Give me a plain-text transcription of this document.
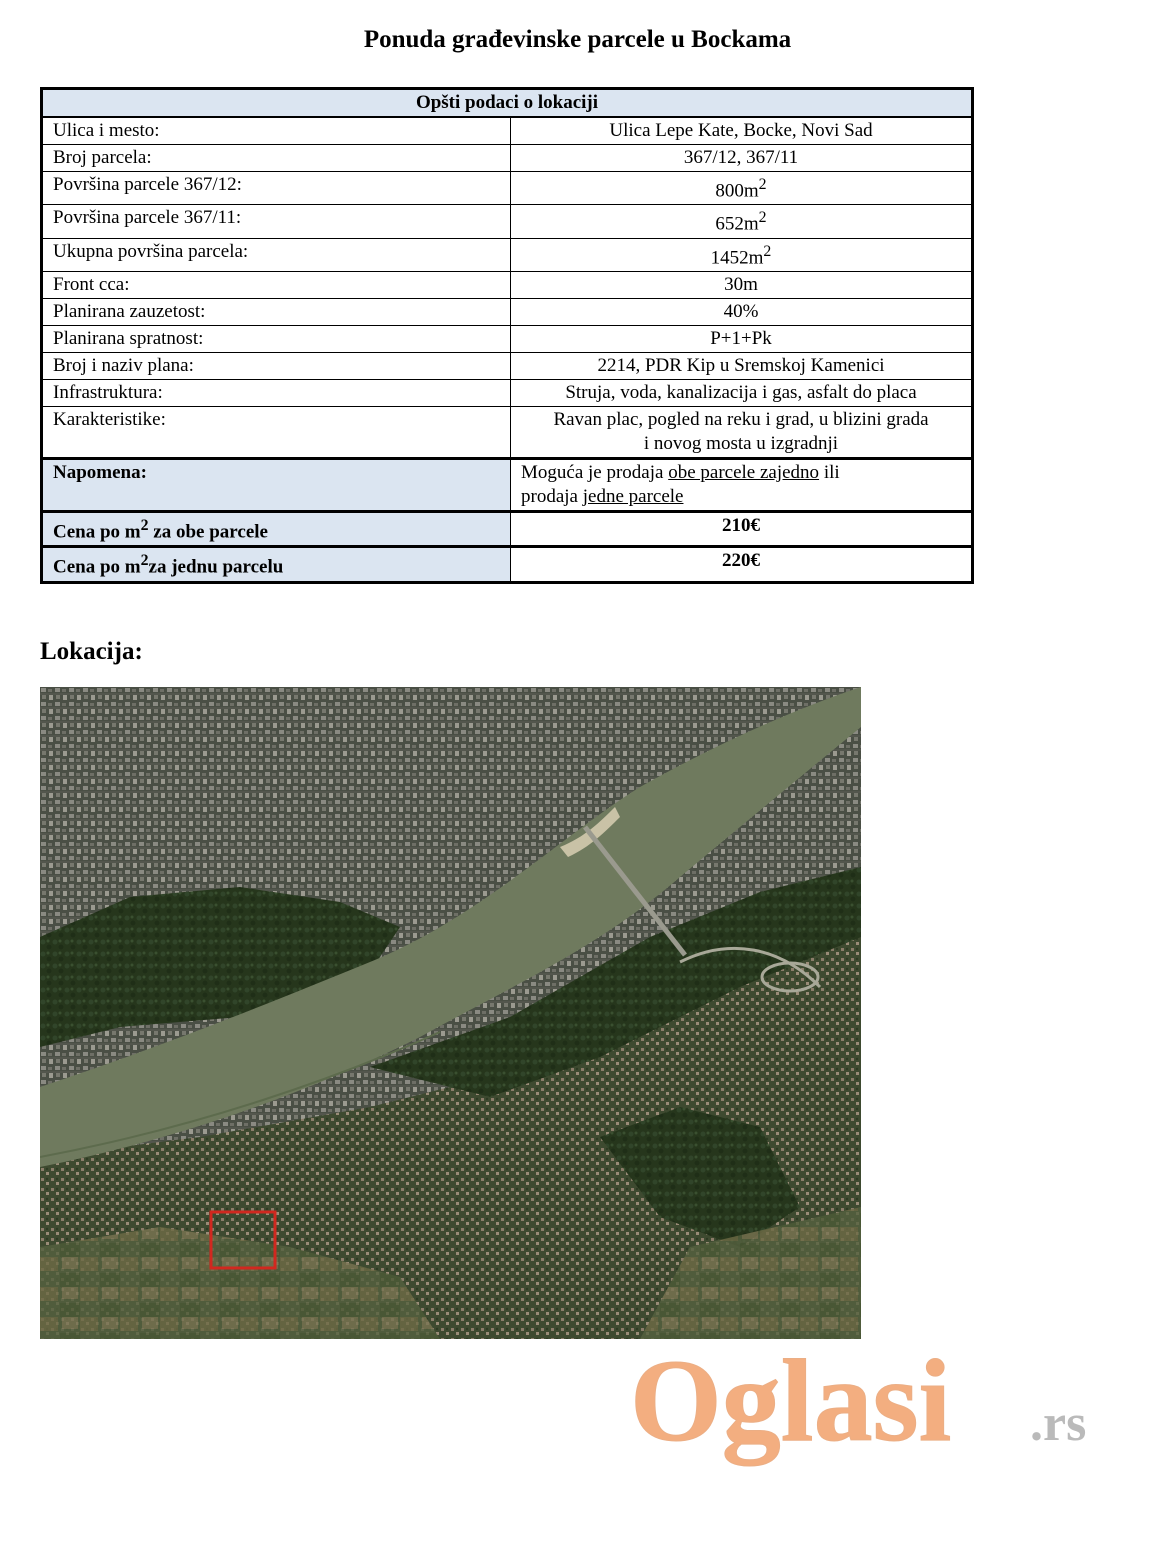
Ponuda građevinske parcele u Bockama
Opšti podaci o lokaciji	
Ulica i mesto:	Ulica Lepe Kate, Bocke, Novi Sad
Broj parcela:	367/12, 367/11
Površina parcele 367/12:	$800m^2$
Površina parcele 367/11:	$652m^2$
Ukupna površina parcela:	$1452m^2$
Front cca:	30m
Planirana zauzetost:	40%
Planirana spratnost:	P+1+Pk
Broj i naziv plana:	2214, PDR Kip u Sremskoj Kamenici
Infrastruktura:	Struja, voda, kanalizacija i gas, asfalt do placa
Karakteristike:	Ravan plac, pogled na reku i grad, u blizini grada
i novog mosta u izgradnji

Napomena:	Moguća je prodaja obe parcele zajedno ili
prodaja jedne parcele

Cena po $m^2$ za obe parcele	210€
Cena po $m^2za$ jednu parcelu	220€
Lokacija:
Oglasi .rs
